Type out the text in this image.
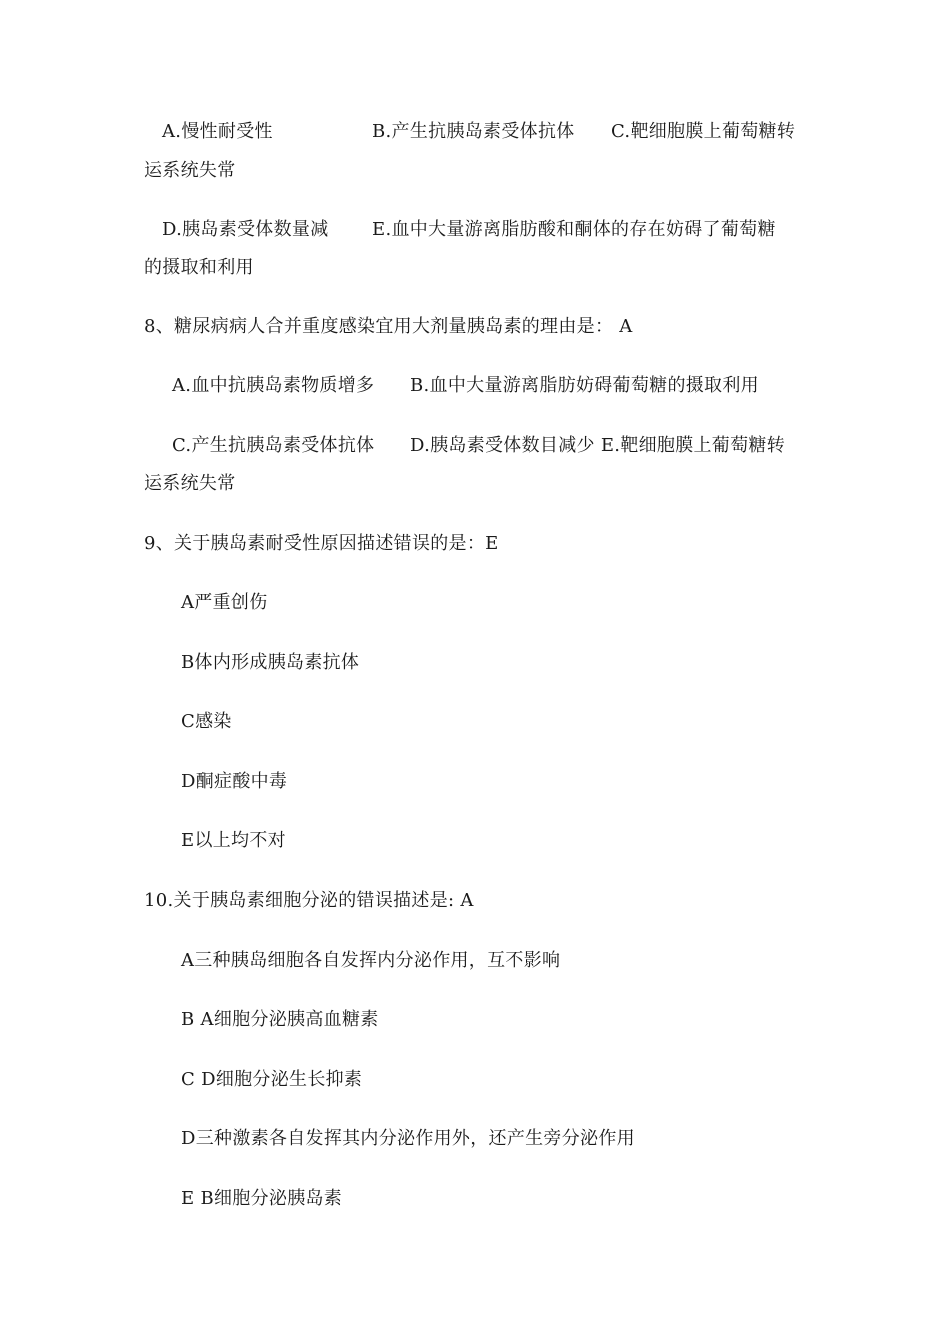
A.慢性耐受性	B.产生抗胰岛素受体抗体 C.靶细胞膜上葡萄糖转
运系统失常
D.胰岛素受体数量减 E.血中大量游离脂肪酸和酮体的存在妨碍了葡萄糖
的摄取和利用
8、糖尿病病人合并重度感染宜用大剂量胰岛素的理由是： A
A.血中抗胰岛素物质增多 B.血中大量游离脂肪妨碍葡萄糖的摄取利用
C.产生抗胰岛素受体抗体 D.胰岛素受体数目减少 E.靶细胞膜上葡萄糖转
运系统失常
9、关于胰岛素耐受性原因描述错误的是：E
A严重创伤
B体内形成胰岛素抗体
C感染
D酮症酸中毒
E以上均不对
10.关于胰岛素细胞分泌的错误描述是: A
A三种胰岛细胞各自发挥内分泌作用，互不影响
B A细胞分泌胰高血糖素
C D细胞分泌生长抑素
D三种激素各自发挥其内分泌作用外，还产生旁分泌作用
E B细胞分泌胰岛素
